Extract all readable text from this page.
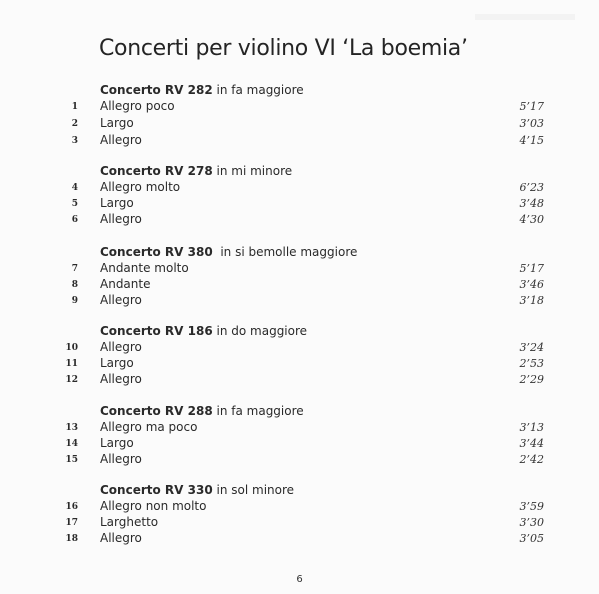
Concerti per violino VI ‘La boemia’
Concerto RV 282 in fa maggiore
1 Allegro poco	5’17
2 Largo	3’03
3 Allegro	4’15
Concerto RV 278 in mi minore
4 Allegro molto	6’23
5 Largo	3’48
6 Allegro	4’30
Concerto RV 380  in si bemolle maggiore
7 Andante molto	5’17
8 Andante	3’46
9 Allegro	3’18
Concerto RV 186 in do maggiore
10 Allegro	3’24
11 Largo	2’53
12 Allegro	2’29
Concerto RV 288 in fa maggiore
13 Allegro ma poco	3’13
14 Largo	3’44
15 Allegro	2’42
Concerto RV 330 in sol minore
16 Allegro non molto	3’59
17 Larghetto	3’30
18 Allegro	3’05
6
